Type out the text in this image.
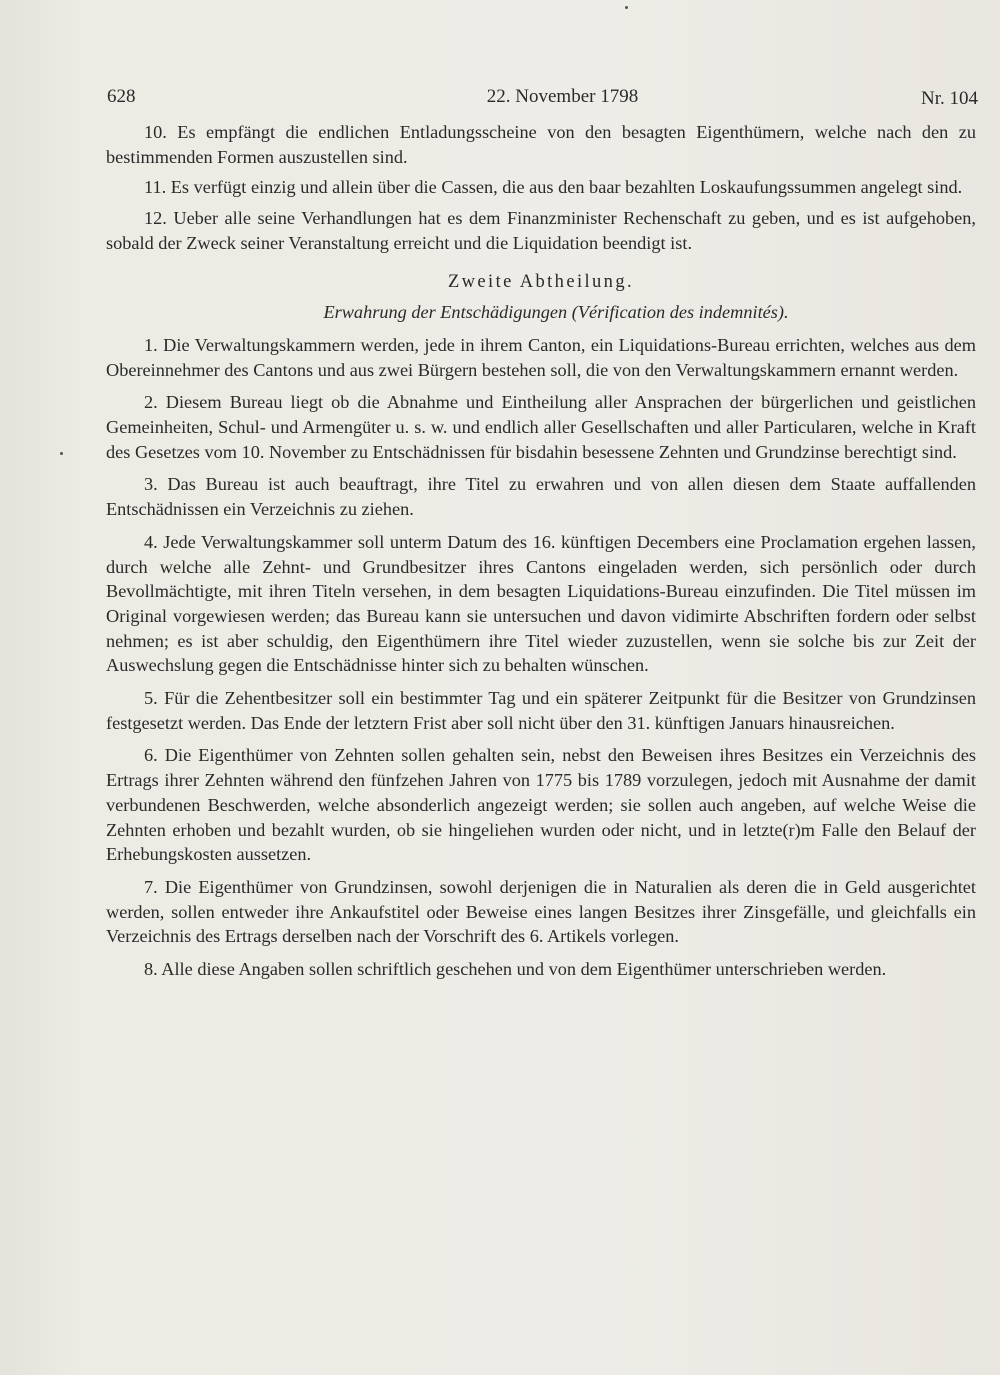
628	22. November 1798	Nr. 104

10. Es empfängt die endlichen Entladungsscheine von den besagten Eigenthümern, welche nach den zu bestimmenden Formen auszustellen sind.

11. Es verfügt einzig und allein über die Cassen, die aus den baar bezahlten Loskaufungssummen angelegt sind.

12. Ueber alle seine Verhandlungen hat es dem Finanzminister Rechenschaft zu geben, und es ist aufgehoben, sobald der Zweck seiner Veranstaltung erreicht und die Liquidation beendigt ist.

Zweite Abtheilung.

Erwahrung der Entschädigungen (Vérification des indemnités).

1. Die Verwaltungskammern werden, jede in ihrem Canton, ein Liquidations-Bureau errichten, welches aus dem Obereinnehmer des Cantons und aus zwei Bürgern bestehen soll, die von den Verwaltungskammern ernannt werden.

2. Diesem Bureau liegt ob die Abnahme und Eintheilung aller Ansprachen der bürgerlichen und geistlichen Gemeinheiten, Schul- und Armengüter u. s. w. und endlich aller Gesellschaften und aller Particularen, welche in Kraft des Gesetzes vom 10. November zu Entschädnissen für bisdahin besessene Zehnten und Grundzinse berechtigt sind.

3. Das Bureau ist auch beauftragt, ihre Titel zu erwahren und von allen diesen dem Staate auffallenden Entschädnissen ein Verzeichnis zu ziehen.

4. Jede Verwaltungskammer soll unterm Datum des 16. künftigen Decembers eine Proclamation ergehen lassen, durch welche alle Zehnt- und Grundbesitzer ihres Cantons eingeladen werden, sich persönlich oder durch Bevollmächtigte, mit ihren Titeln versehen, in dem besagten Liquidations-Bureau einzufinden. Die Titel müssen im Original vorgewiesen werden; das Bureau kann sie untersuchen und davon vidimirte Abschriften fordern oder selbst nehmen; es ist aber schuldig, den Eigenthümern ihre Titel wieder zuzustellen, wenn sie solche bis zur Zeit der Auswechslung gegen die Entschädnisse hinter sich zu behalten wünschen.

5. Für die Zehentbesitzer soll ein bestimmter Tag und ein späterer Zeitpunkt für die Besitzer von Grundzinsen festgesetzt werden. Das Ende der letztern Frist aber soll nicht über den 31. künftigen Januars hinausreichen.

6. Die Eigenthümer von Zehnten sollen gehalten sein, nebst den Beweisen ihres Besitzes ein Verzeichnis des Ertrags ihrer Zehnten während den fünfzehen Jahren von 1775 bis 1789 vorzulegen, jedoch mit Ausnahme der damit verbundenen Beschwerden, welche absonderlich angezeigt werden; sie sollen auch angeben, auf welche Weise die Zehnten erhoben und bezahlt wurden, ob sie hingeliehen wurden oder nicht, und in letzte(r)m Falle den Belauf der Erhebungskosten aussetzen.

7. Die Eigenthümer von Grundzinsen, sowohl derjenigen die in Naturalien als deren die in Geld ausgerichtet werden, sollen entweder ihre Ankaufstitel oder Beweise eines langen Besitzes ihrer Zinsgefälle, und gleichfalls ein Verzeichnis des Ertrags derselben nach der Vorschrift des 6. Artikels vorlegen.

8. Alle diese Angaben sollen schriftlich geschehen und von dem Eigenthümer unterschrieben werden.
